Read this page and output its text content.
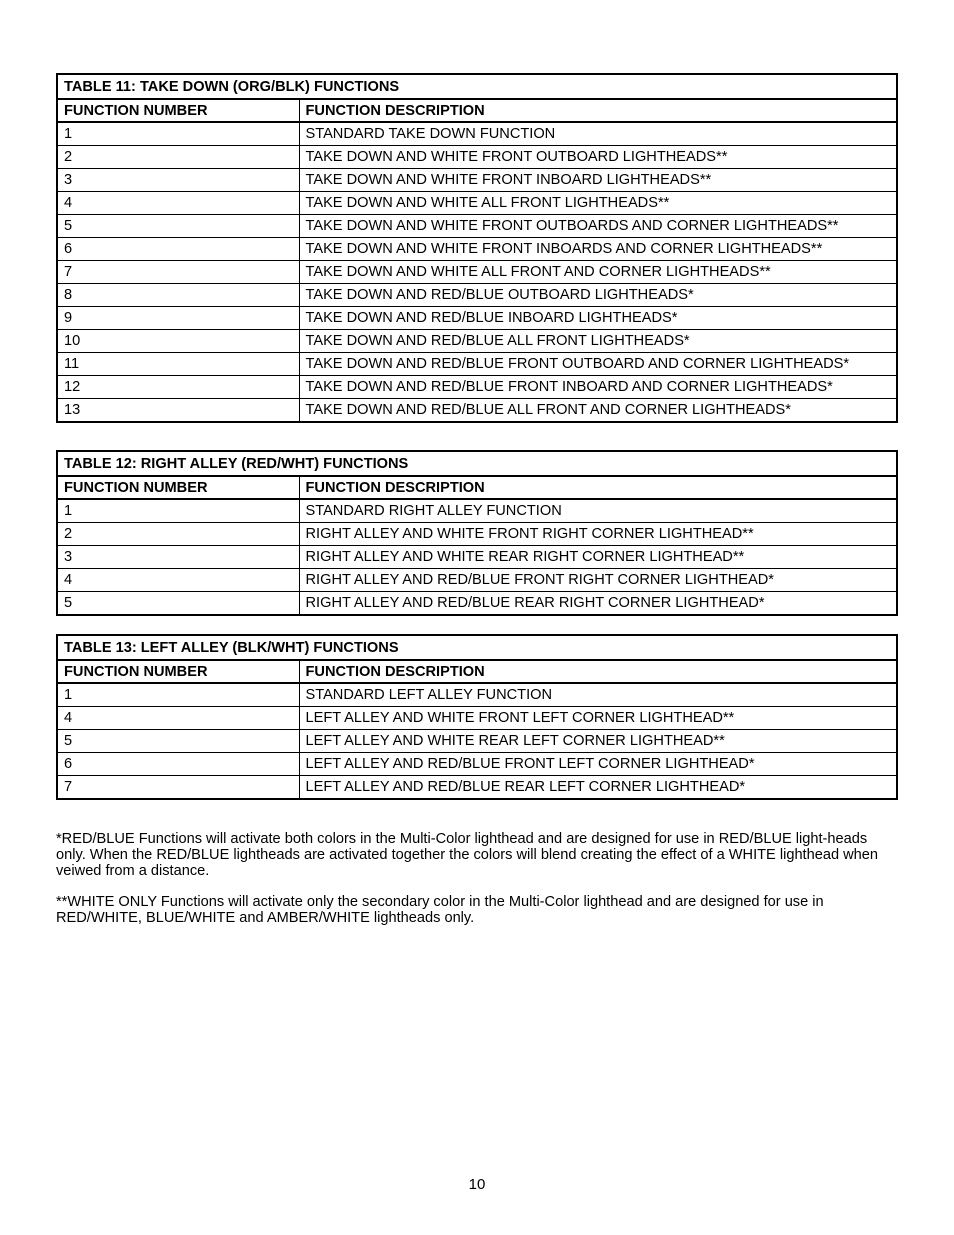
TABLE 11: TAKE DOWN (ORG/BLK) FUNCTIONS	
FUNCTION NUMBER	FUNCTION DESCRIPTION
1	STANDARD TAKE DOWN FUNCTION
2	TAKE DOWN AND WHITE FRONT OUTBOARD LIGHTHEADS**
3	TAKE DOWN AND WHITE FRONT INBOARD LIGHTHEADS**
4	TAKE DOWN AND WHITE ALL FRONT LIGHTHEADS**
5	TAKE DOWN AND WHITE FRONT OUTBOARDS AND CORNER LIGHTHEADS**
6	TAKE DOWN AND WHITE FRONT INBOARDS AND CORNER LIGHTHEADS**
7	TAKE DOWN AND WHITE ALL FRONT AND CORNER LIGHTHEADS**
8	TAKE DOWN AND RED/BLUE OUTBOARD LIGHTHEADS*
9	TAKE DOWN AND RED/BLUE INBOARD LIGHTHEADS*
10	TAKE DOWN AND RED/BLUE ALL FRONT LIGHTHEADS*
11	TAKE DOWN AND RED/BLUE FRONT OUTBOARD AND CORNER LIGHTHEADS*
12	TAKE DOWN AND RED/BLUE FRONT INBOARD AND CORNER LIGHTHEADS*
13	TAKE DOWN AND RED/BLUE ALL FRONT AND CORNER LIGHTHEADS*
TABLE 12: RIGHT ALLEY (RED/WHT) FUNCTIONS	
FUNCTION NUMBER	FUNCTION DESCRIPTION
1	STANDARD RIGHT ALLEY FUNCTION
2	RIGHT ALLEY AND WHITE FRONT RIGHT CORNER LIGHTHEAD**
3	RIGHT ALLEY AND WHITE REAR RIGHT CORNER LIGHTHEAD**
4	RIGHT ALLEY AND RED/BLUE FRONT RIGHT CORNER LIGHTHEAD*
5	RIGHT ALLEY AND RED/BLUE REAR RIGHT CORNER LIGHTHEAD*
TABLE 13: LEFT ALLEY (BLK/WHT) FUNCTIONS	
FUNCTION NUMBER	FUNCTION DESCRIPTION
1	STANDARD LEFT ALLEY FUNCTION
4	LEFT ALLEY AND WHITE FRONT LEFT CORNER LIGHTHEAD**
5	LEFT ALLEY AND WHITE REAR LEFT CORNER LIGHTHEAD**
6	LEFT ALLEY AND RED/BLUE FRONT LEFT CORNER LIGHTHEAD*
7	LEFT ALLEY AND RED/BLUE REAR LEFT CORNER LIGHTHEAD*

*RED/BLUE Functions will activate both colors in the Multi-Color lighthead and are designed for use in RED/BLUE light-heads only. When the RED/BLUE lightheads are activated together the colors will blend creating the effect of a WHITE lighthead when veiwed from a distance.

**WHITE ONLY Functions will activate only the secondary color in the Multi-Color lighthead and are designed for use in RED/WHITE, BLUE/WHITE and AMBER/WHITE lightheads only.

10
